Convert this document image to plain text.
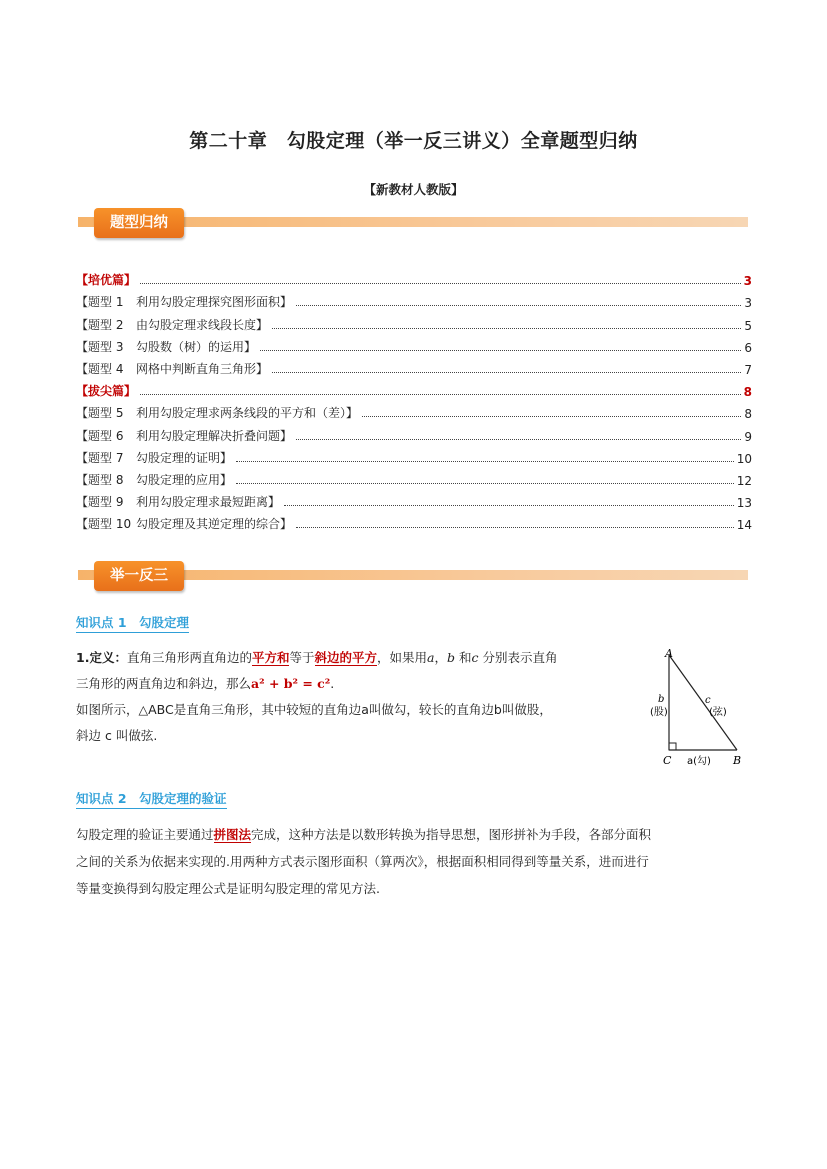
第二十章　勾股定理（举一反三讲义）全章题型归纳
【新教材人教版】
题型归纳
【培优篇】	3
【题型 1 利用勾股定理探究图形面积】	3
【题型 2 由勾股定理求线段长度】	5
【题型 3 勾股数（树）的运用】	6
【题型 4 网格中判断直角三角形】	7
【拔尖篇】	8
【题型 5 利用勾股定理求两条线段的平方和（差）】	8
【题型 6 利用勾股定理解决折叠问题】	9
【题型 7 勾股定理的证明】	10
【题型 8 勾股定理的应用】	12
【题型 9 利用勾股定理求最短距离】	13
【题型 10 勾股定理及其逆定理的综合】	14
举一反三
知识点 1　勾股定理
1.定义：直角三角形两直角边的平方和等于斜边的平方，如果用a，b 和c 分别表示直角
三角形的两直角边和斜边，那么a² + b² = c².
如图所示，△ABC是直角三角形，其中较短的直角边a叫做勾，较长的直角边b叫做股，
斜边 c 叫做弦.
A
C	B
b
(股)
c
(弦)
a(勾)
知识点 2　勾股定理的验证
勾股定理的验证主要通过拼图法完成，这种方法是以数形转换为指导思想，图形拼补为手段，各部分面积
之间的关系为依据来实现的.用两种方式表示图形面积（算两次》，根据面积相同得到等量关系，进而进行
等量变换得到勾股定理公式是证明勾股定理的常见方法.
